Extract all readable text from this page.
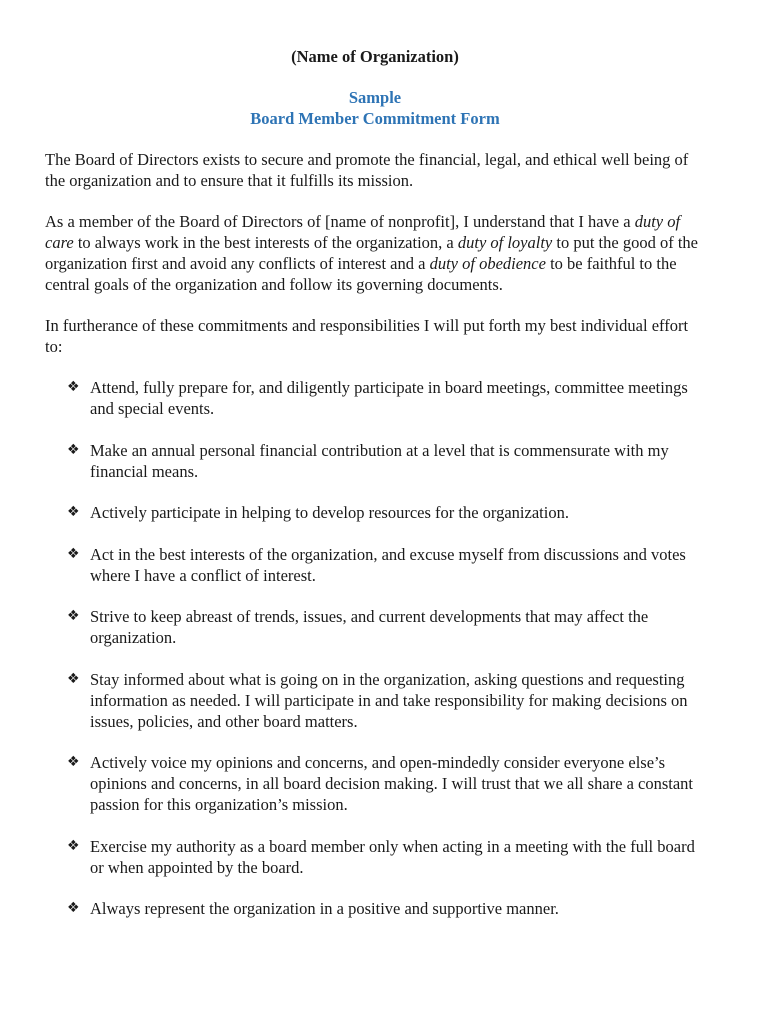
(Name of Organization)

Sample
Board Member Commitment Form

The Board of Directors exists to secure and promote the financial, legal, and ethical well being of the organization and to ensure that it fulfills its mission.

As a member of the Board of Directors of [name of nonprofit], I understand that I have a duty of care to always work in the best interests of the organization, a duty of loyalty to put the good of the organization first and avoid any conflicts of interest and a duty of obedience to be faithful to the central goals of the organization and follow its governing documents.

In furtherance of these commitments and responsibilities I will put forth my best individual effort to:

❖ Attend, fully prepare for, and diligently participate in board meetings, committee meetings and special events.
❖ Make an annual personal financial contribution at a level that is commensurate with my financial means.
❖ Actively participate in helping to develop resources for the organization.
❖ Act in the best interests of the organization, and excuse myself from discussions and votes where I have a conflict of interest.
❖ Strive to keep abreast of trends, issues, and current developments that may affect the organization.
❖ Stay informed about what is going on in the organization, asking questions and requesting information as needed. I will participate in and take responsibility for making decisions on issues, policies, and other board matters.
❖ Actively voice my opinions and concerns, and open-mindedly consider everyone else’s opinions and concerns, in all board decision making. I will trust that we all share a constant passion for this organization’s mission.
❖ Exercise my authority as a board member only when acting in a meeting with the full board or when appointed by the board.
❖ Always represent the organization in a positive and supportive manner.
